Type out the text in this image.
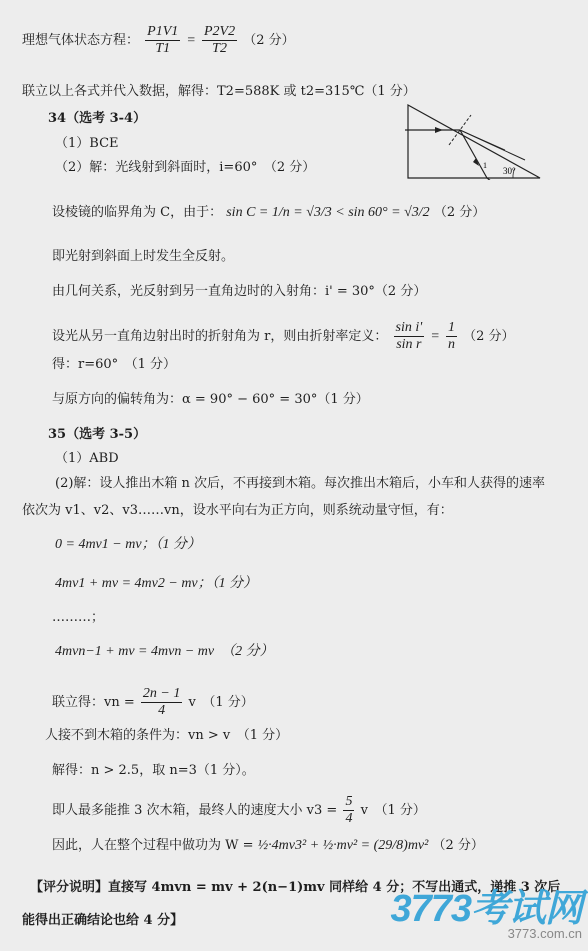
理想气体状态方程： $\frac{P1V1}{T1} = \frac{P2V2}{T2} (2$ 分）
联立以上各式并代入数据，解得：T2=588K 或 t2=315℃（1 分）
34（选考 3-4）
（1）BCE
（2）解：光线射到斜面时，i=60°　（2 分）	30°
1
设棱镜的临界角为 C，由于： sin C = 1/n = √3/3 < sin 60° = √3/2 （2 分）
即光射到斜面上时发生全反射。
由几何关系，光反射到另一直角边时的入射角：i' = 30°（2 分）
设光从另一直角边射出时的折射角为 r，则由折射率定义： $\frac{\text{sin i'}}{\text{sin r}} = \frac{1}{n} (2$ 分）
得：r=60°　（1 分）
与原方向的偏转角为：α = 90° − 60° = 30°（1 分）
35（选考 3-5）
（1）ABD
(2)解：设人推出木箱 n 次后，不再接到木箱。每次推出木箱后，小车和人获得的速率
依次为 v1、v2、v3……vn，设水平向右为正方向，则系统动量守恒，有：
0 = 4mv1 − mv；（1 分）
4mv1 + mv = 4mv2 − mv；（1 分）
………；
4mvn−1 + mv = 4mvn − mv　（2 分）
联立得：vn = $\frac{2n - 1}{4}$ v　（1 分）
人接不到木箱的条件为：vn > v　（1 分）
解得：n > 2.5，取 n=3（1 分）。
即人最多能推 3 次木箱，最终人的速度大小 $v3 = \frac{5}{4}$ v　（1 分）
因此，人在整个过程中做功为 W = ½·4mv3² + ½·mv² = (29/8)mv² （2 分）
【评分说明】直接写 4mvn = mv + 2(n−1)mv 同样给 4 分；不写出通式，递推 3 次后
能得出正确结论也给 4 分】	3773考试网
3773.com.cn
